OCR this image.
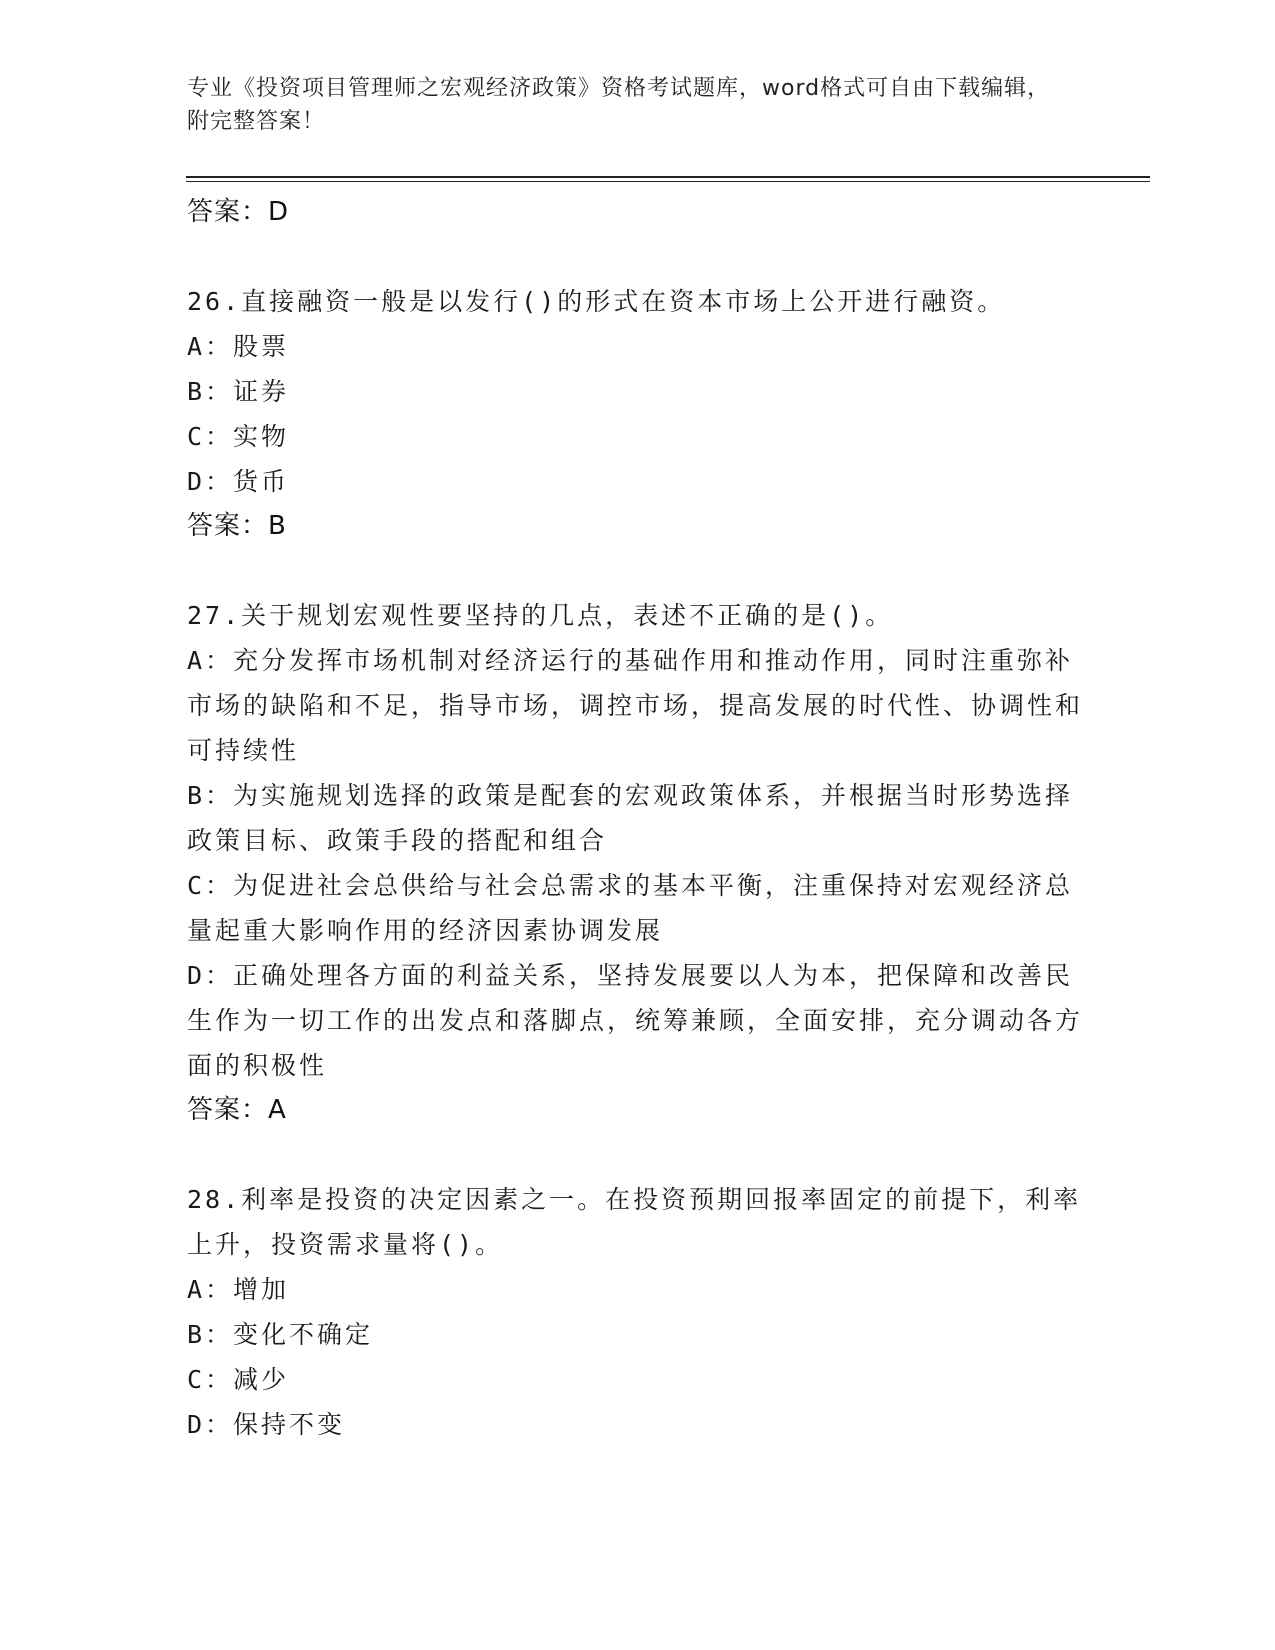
专业《投资项目管理师之宏观经济政策》资格考试题库，word格式可自由下载编辑，附完整答案！
答案：D
26.直接融资一般是以发行()的形式在资本市场上公开进行融资。
A：股票
B：证券
C：实物
D：货币
答案：B
27.关于规划宏观性要坚持的几点，表述不正确的是()。
A：充分发挥市场机制对经济运行的基础作用和推动作用，同时注重弥补市场的缺陷和不足，指导市场，调控市场，提高发展的时代性、协调性和可持续性
B：为实施规划选择的政策是配套的宏观政策体系，并根据当时形势选择政策目标、政策手段的搭配和组合
C：为促进社会总供给与社会总需求的基本平衡，注重保持对宏观经济总量起重大影响作用的经济因素协调发展
D：正确处理各方面的利益关系，坚持发展要以人为本，把保障和改善民生作为一切工作的出发点和落脚点，统筹兼顾，全面安排，充分调动各方面的积极性
答案：A
28.利率是投资的决定因素之一。在投资预期回报率固定的前提下，利率上升，投资需求量将()。
A：增加
B：变化不确定
C：减少
D：保持不变
